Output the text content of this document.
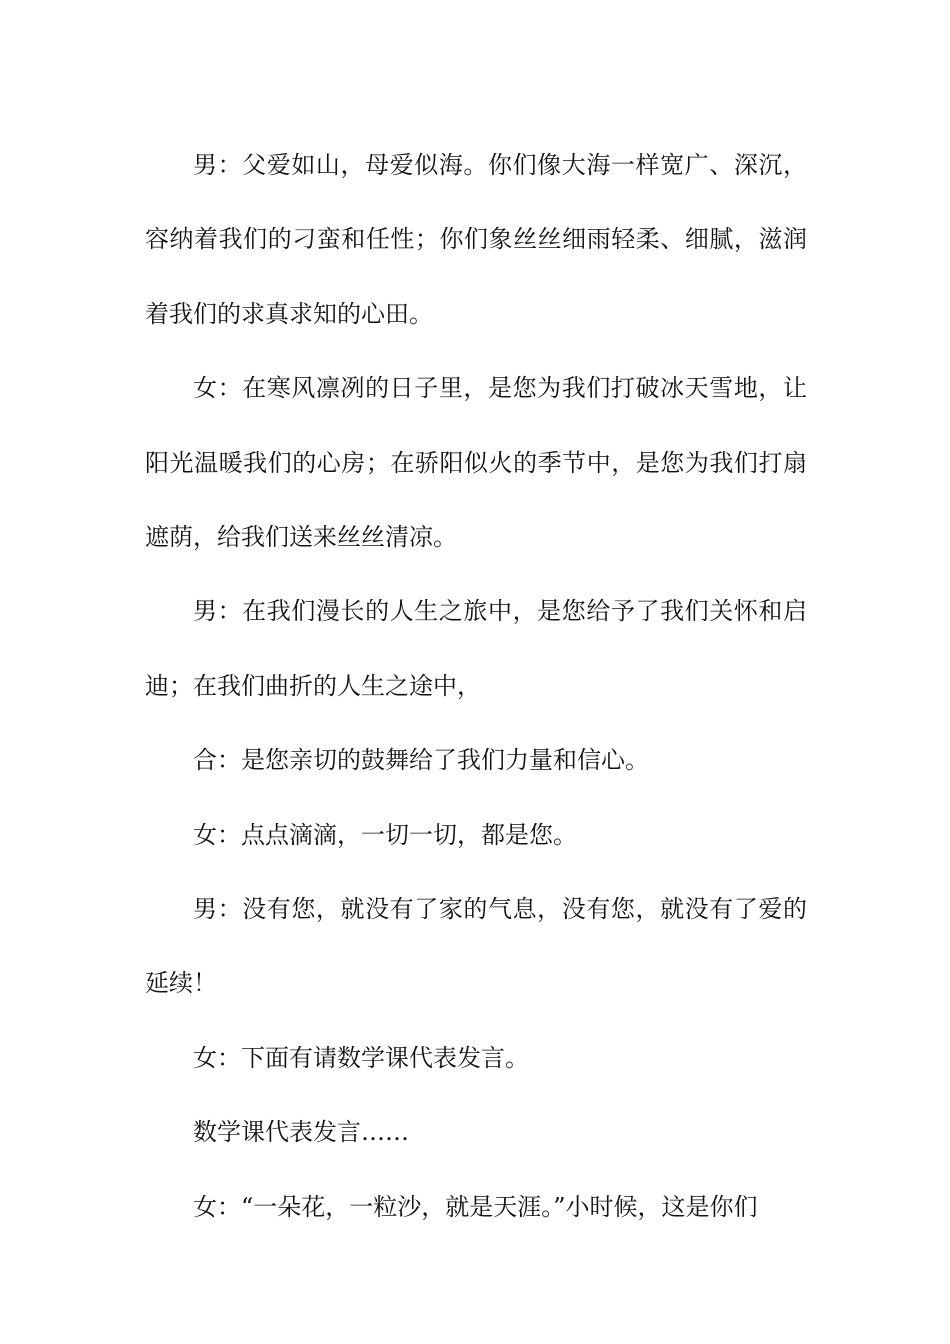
男：父爱如山，母爱似海。你们像大海一样宽广、深沉，容纳着我们的刁蛮和任性；你们象丝丝细雨轻柔、细腻，滋润着我们的求真求知的心田。

女：在寒风凛冽的日子里，是您为我们打破冰天雪地，让阳光温暖我们的心房；在骄阳似火的季节中，是您为我们打扇遮荫，给我们送来丝丝清凉。

男：在我们漫长的人生之旅中，是您给予了我们关怀和启迪；在我们曲折的人生之途中，

合：是您亲切的鼓舞给了我们力量和信心。

女：点点滴滴，一切一切，都是您。

男：没有您，就没有了家的气息，没有您，就没有了爱的延续！

女：下面有请数学课代表发言。

数学课代表发言……

女：“一朵花，一粒沙，就是天涯。”小时候，这是你们
